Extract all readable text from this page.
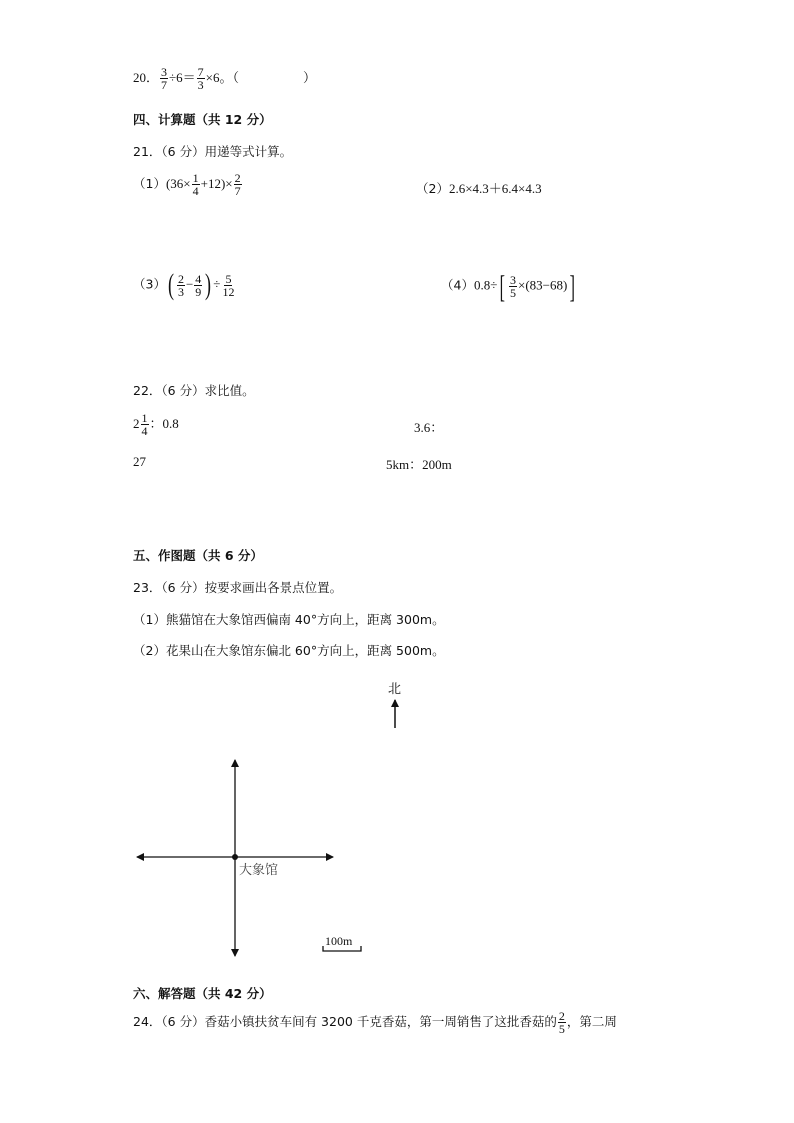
20． $\frac{3}{7} \div 6= \frac{7}{3} \times 6$。（	）
四、计算题（共 12 分）
21．（6 分）用递等式计算。
$(1)(36\times \frac{1}{4} +12)\times \frac{2}{7}$	（2）2.6×4.3＋6.4×4.3
$(3)( \frac{2}{3} - \frac{4}{9}$ ) ÷ $\frac{5}{12}$	$(4)0.8\div[ \frac{3}{5} \times(83-68)]$
22．（6 分）求比值。
$2 \frac{1}{4}$ ：0.8	3.6：
27	5km：200m
五、作图题（共 6 分）
23．（6 分）按要求画出各景点位置。
（1）熊猫馆在大象馆西偏南 40°方向上，距离 300m。
（2）花果山在大象馆东偏北 60°方向上，距离 500m。
北
大象馆
100m
六、解答题（共 42 分）
24．（6 分）香菇小镇扶贫车间有 3200 千克香菇，第一周销售了这批香菇的 $\frac{2}{5}$ ，第二周
